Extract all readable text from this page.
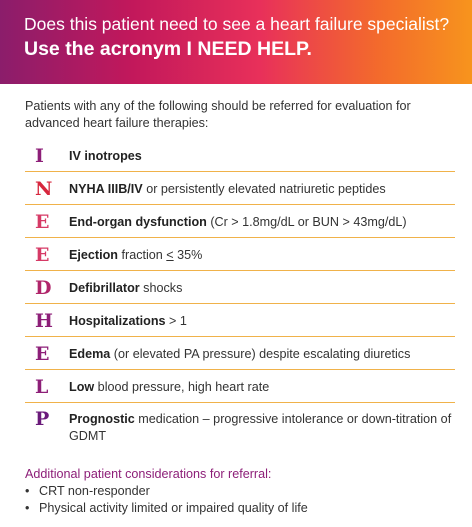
Does this patient need to see a heart failure specialist?
Use the acronym I NEED HELP.
Patients with any of the following should be referred for evaluation for advanced heart failure therapies:
I	IV inotropes
N	NYHA IIIB/IV or persistently elevated natriuretic peptides
E	End-organ dysfunction (Cr > 1.8mg/dL or BUN > 43mg/dL)
E	Ejection fraction ≤ 35%
D	Defibrillator shocks
H	Hospitalizations > 1
E	Edema (or elevated PA pressure) despite escalating diuretics
L	Low blood pressure, high heart rate
P	Prognostic medication – progressive intolerance or down-titration of GDMT
Additional patient considerations for referral:
• CRT non-responder
• Physical activity limited or impaired quality of life
